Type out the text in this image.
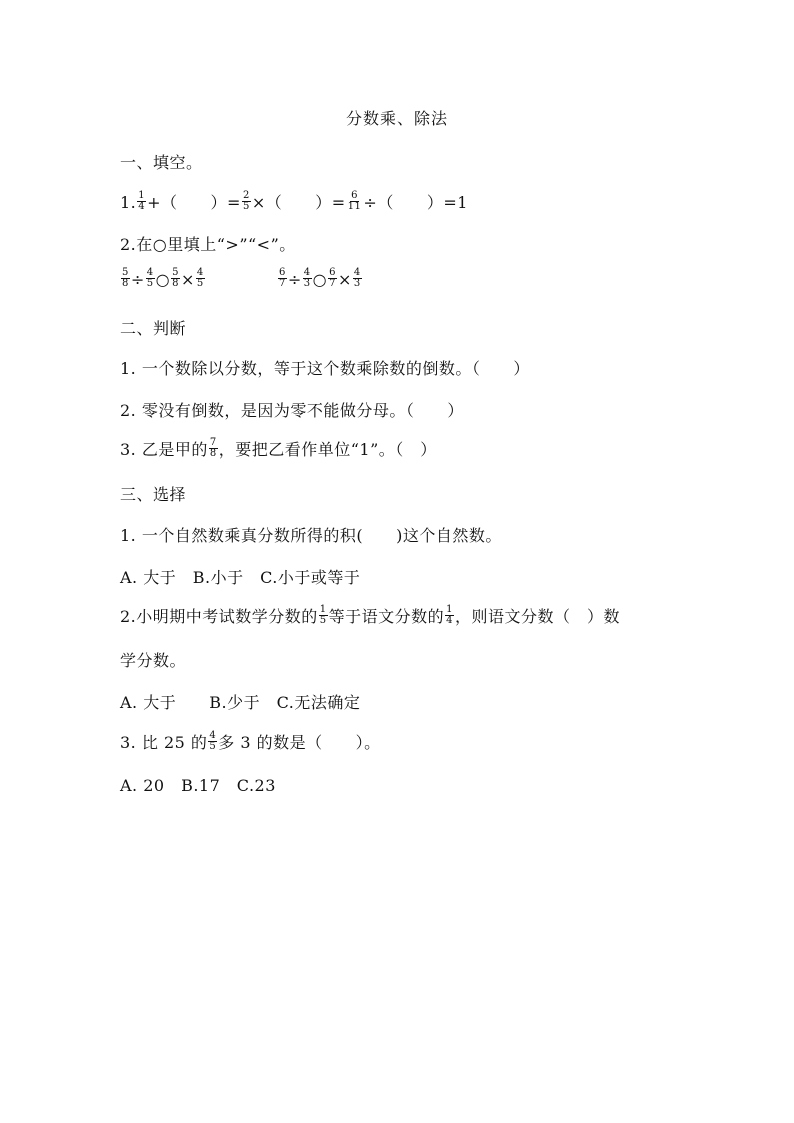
分数乘、除法
一、填空。
1. $\frac{1}{4}$ +（　　）= $\frac{2}{5}$ ×（　　）= $\frac{6}{11}$ ÷（　　）=1
2.在○里填上“>”“<”。
$\frac{5}{8} \div \frac{4}{5}$ ○ $\frac{5}{8} \times \frac{4}{5}$	$\frac{6}{7} \div \frac{4}{3}$ ○ $\frac{6}{7} \times \frac{4}{3}$
二、判断
1. 一个数除以分数，等于这个数乘除数的倒数。（　　）
2. 零没有倒数，是因为零不能做分母。（　　）
3. 乙是甲的 $\frac{7}{8}$ ，要把乙看作单位“1”。（　）
三、选择
1. 一个自然数乘真分数所得的积(　　)这个自然数。
A. 大于　B.小于　C.小于或等于
2.小明期中考试数学分数的 $\frac{1}{5}$ 等于语文分数的 $\frac{1}{4}$ ，则语文分数（　）数
学分数。
A. 大于　　B.少于　C.无法确定
3. 比 25 的 $\frac{4}{5}$ 多 3 的数是（　　）。
A. 20　B.17　C.23
